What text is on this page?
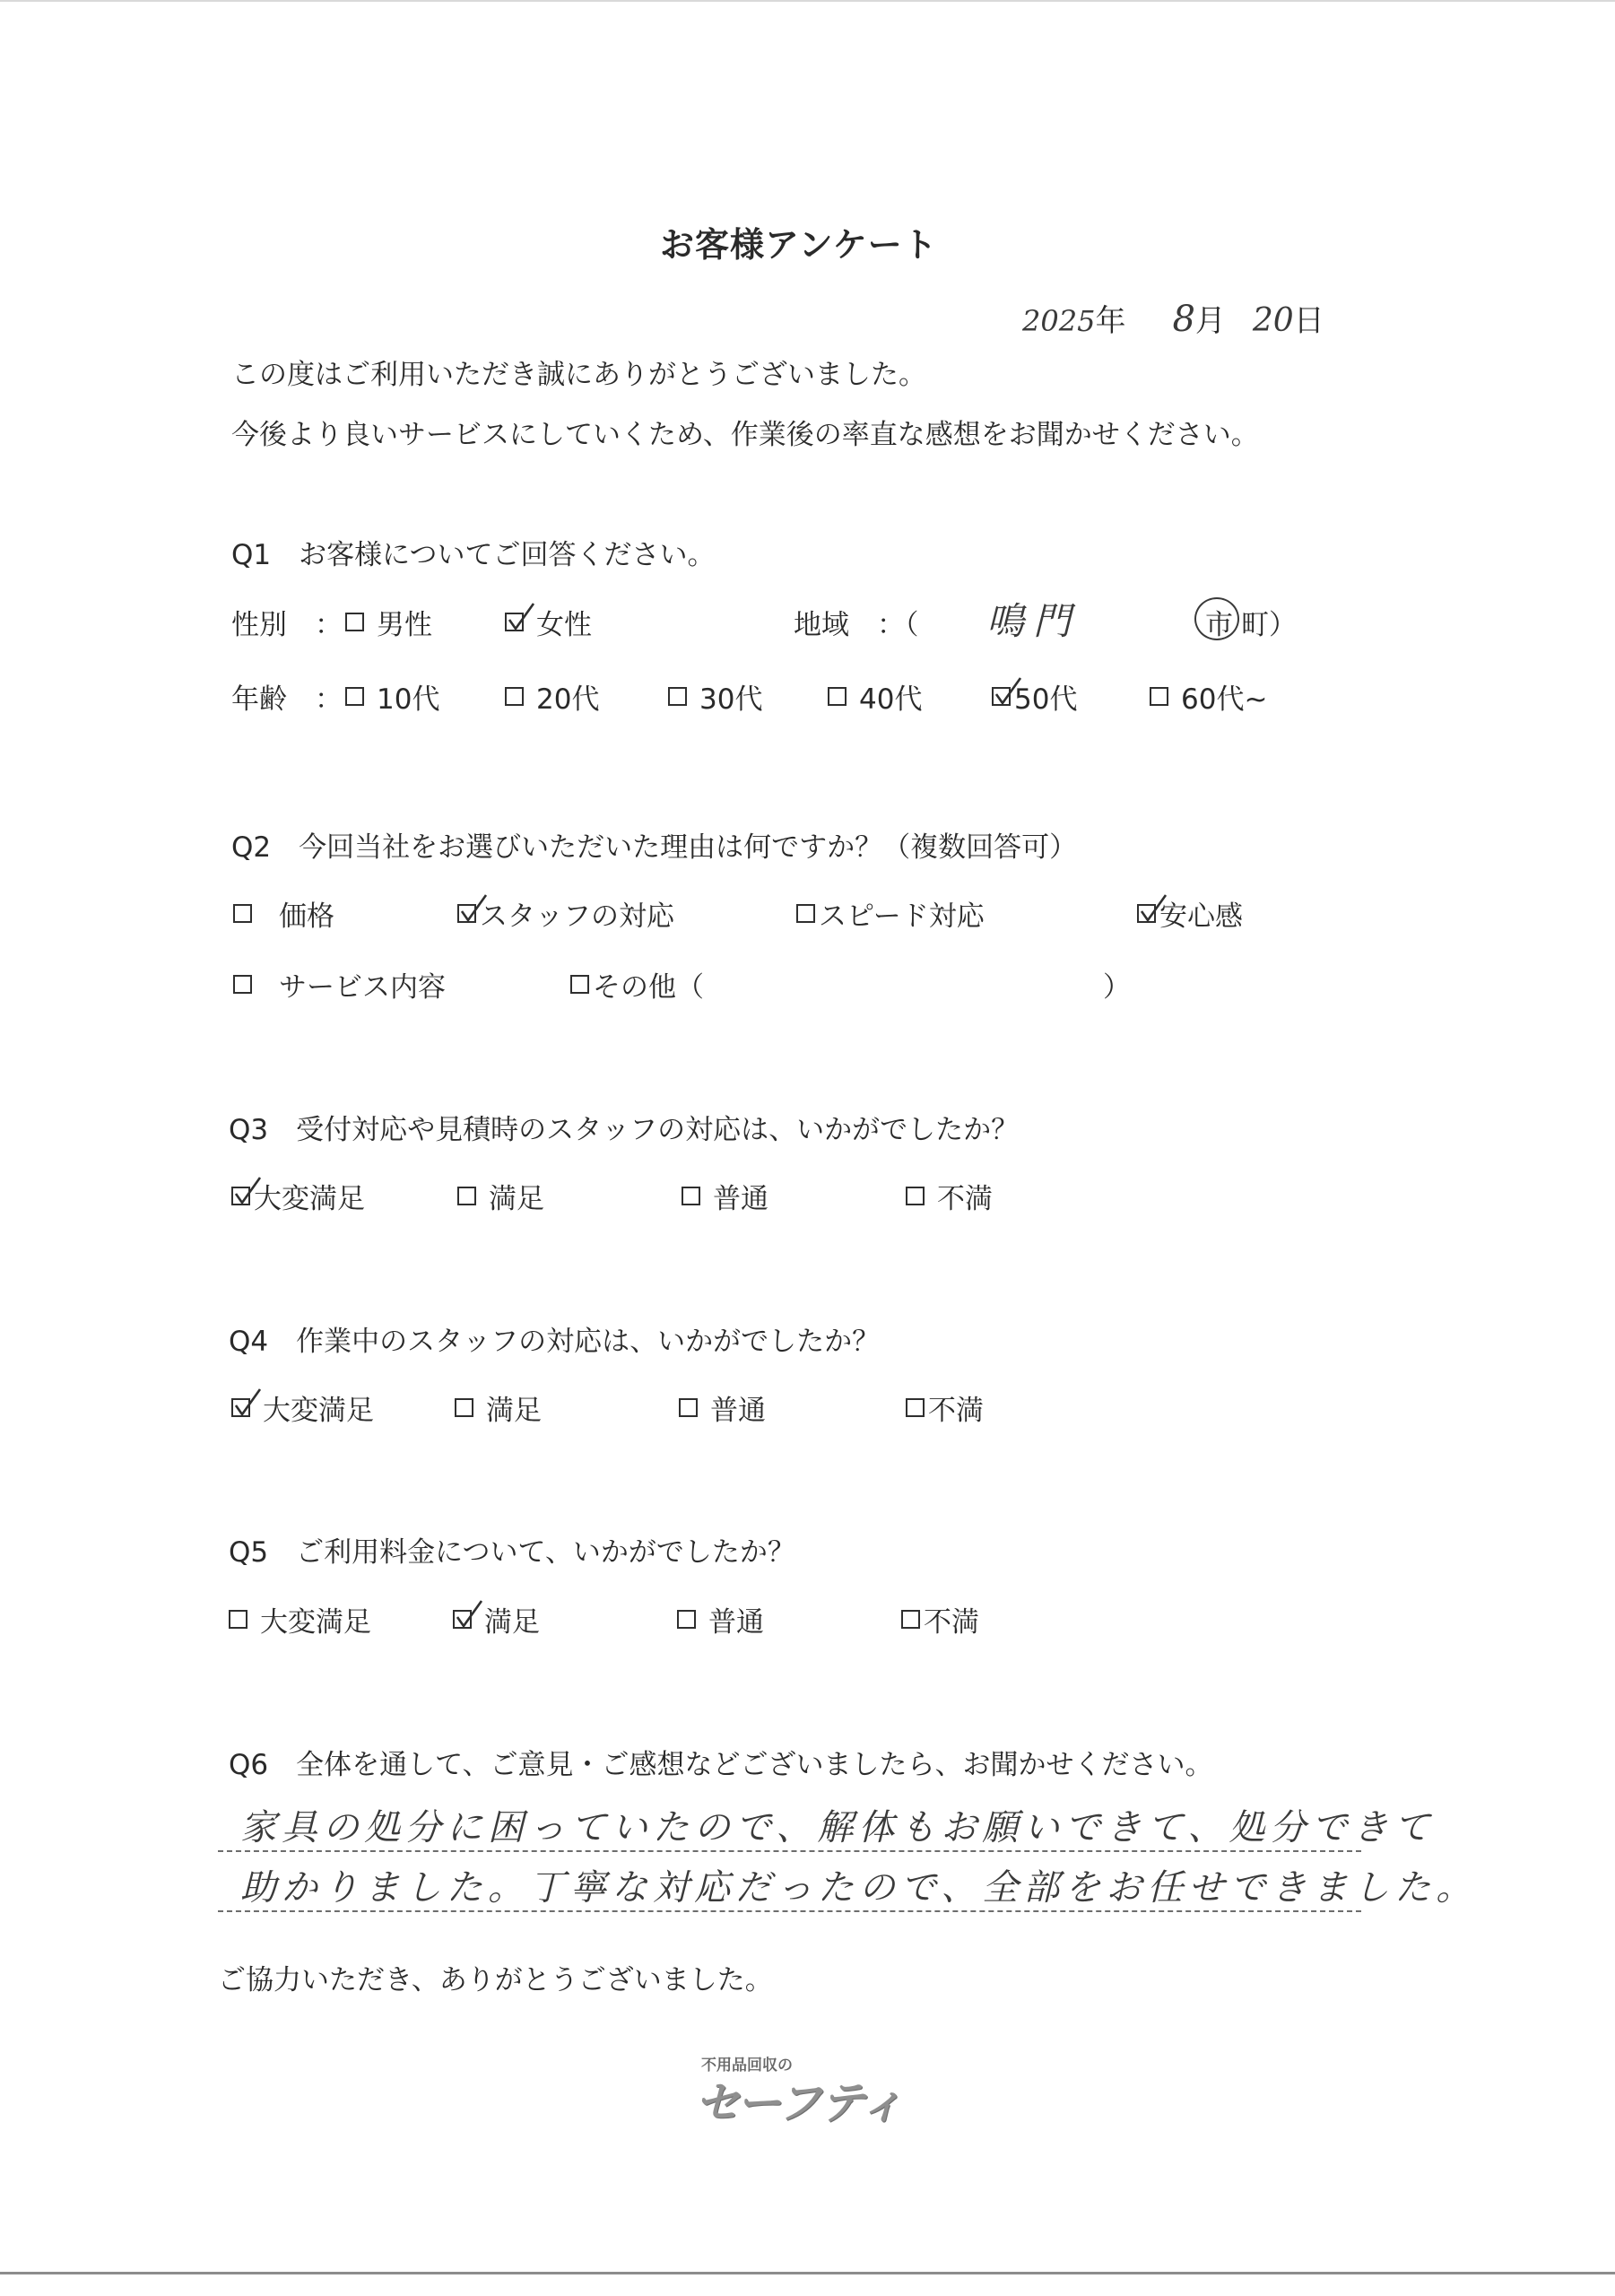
お客様アンケート
2025年 8月 20日
この度はご利用いただき誠にありがとうございました。
今後より良いサービスにしていくため、作業後の率直な感想をお聞かせください。
Q1　お客様についてご回答ください。
性別　： 男性	女性	地域　：（ 鳴門	市 町）
年齢　： 10代	20代	30代	40代	50代	60代~
Q2　今回当社をお選びいただいた理由は何ですか？（複数回答可）
価格	スタッフの対応	スピード対応	安心感
サービス内容	その他（	）
Q3　受付対応や見積時のスタッフの対応は、いかがでしたか？
大変満足	満足	普通	不満
Q4　作業中のスタッフの対応は、いかがでしたか？
大変満足	満足	普通	不満
Q5　ご利用料金について、いかがでしたか？
大変満足	満足	普通	不満
Q6　全体を通して、ご意見・ご感想などございましたら、お聞かせください。
家具の処分に困っていたので、解体もお願いできて、処分できて
助かりました。丁寧な対応だったので、全部をお任せできました。
ご協力いただき、ありがとうございました。
不用品回収の
セーフティ
